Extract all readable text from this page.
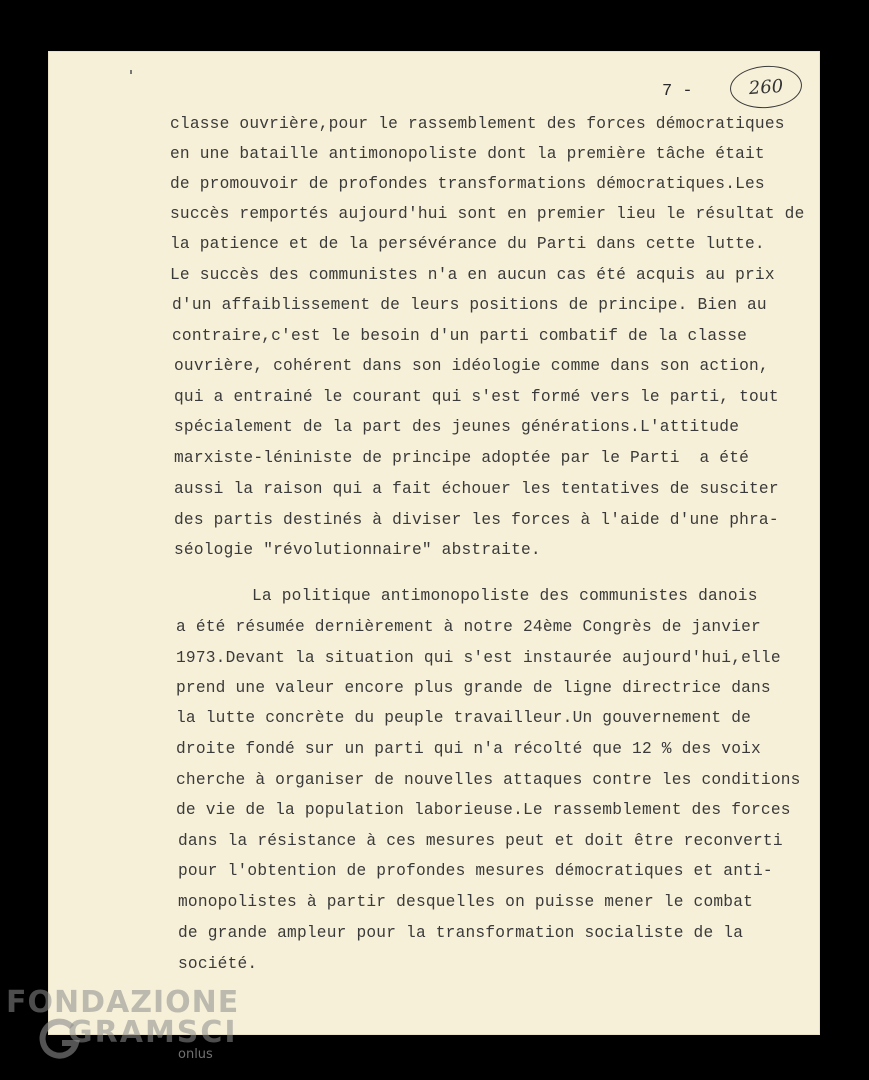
7 -	260
classe ouvrière,pour le rassemblement des forces démocratiques
en une bataille antimonopoliste dont la première tâche était
de promouvoir de profondes transformations démocratiques.Les
succès remportés aujourd'hui sont en premier lieu le résultat de
la patience et de la persévérance du Parti dans cette lutte.
Le succès des communistes n'a en aucun cas été acquis au prix
d'un affaiblissement de leurs positions de principe. Bien au
contraire,c'est le besoin d'un parti combatif de la classe
ouvrière, cohérent dans son idéologie comme dans son action,
qui a entrainé le courant qui s'est formé vers le parti, tout
spécialement de la part des jeunes générations.L'attitude
marxiste-léniniste de principe adoptée par le Parti  a été
aussi la raison qui a fait échouer les tentatives de susciter
des partis destinés à diviser les forces à l'aide d'une phra-
séologie "révolutionnaire" abstraite.
La politique antimonopoliste des communistes danois
a été résumée dernièrement à notre 24ème Congrès de janvier
1973.Devant la situation qui s'est instaurée aujourd'hui,elle
prend une valeur encore plus grande de ligne directrice dans
la lutte concrète du peuple travailleur.Un gouvernement de
droite fondé sur un parti qui n'a récolté que 12 % des voix
cherche à organiser de nouvelles attaques contre les conditions
de vie de la population laborieuse.Le rassemblement des forces
dans la résistance à ces mesures peut et doit être reconverti
pour l'obtention de profondes mesures démocratiques et anti-
monopolistes à partir desquelles on puisse mener le combat
de grande ampleur pour la transformation socialiste de la
société.
FONDAZIONE
GRAMSCI
onlus
